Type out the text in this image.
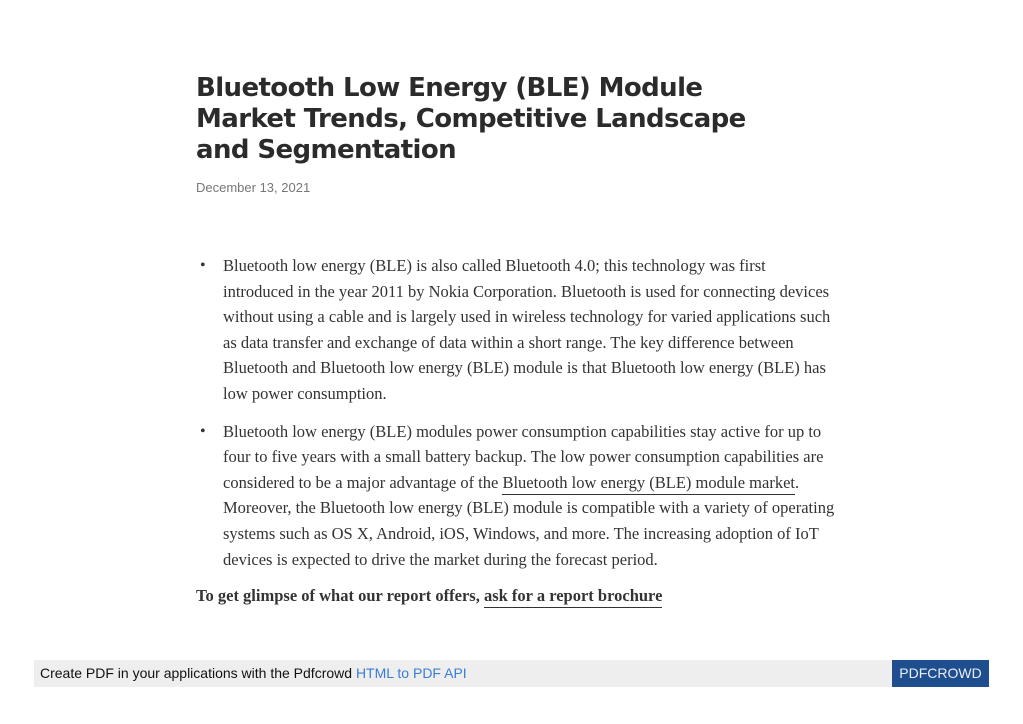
Bluetooth Low Energy (BLE) Module Market Trends, Competitive Landscape and Segmentation
December 13, 2021
• Bluetooth low energy (BLE) is also called Bluetooth 4.0; this technology was first introduced in the year 2011 by Nokia Corporation. Bluetooth is used for connecting devices without using a cable and is largely used in wireless technology for varied applications such as data transfer and exchange of data within a short range. The key difference between Bluetooth and Bluetooth low energy (BLE) module is that Bluetooth low energy (BLE) has low power consumption.
• Bluetooth low energy (BLE) modules power consumption capabilities stay active for up to four to five years with a small battery backup. The low power consumption capabilities are considered to be a major advantage of the Bluetooth low energy (BLE) module market. Moreover, the Bluetooth low energy (BLE) module is compatible with a variety of operating systems such as OS X, Android, iOS, Windows, and more. The increasing adoption of IoT devices is expected to drive the market during the forecast period.
To get glimpse of what our report offers, ask for a report brochure
Create PDF in your applications with the Pdfcrowd HTML to PDF API	PDFCROWD
